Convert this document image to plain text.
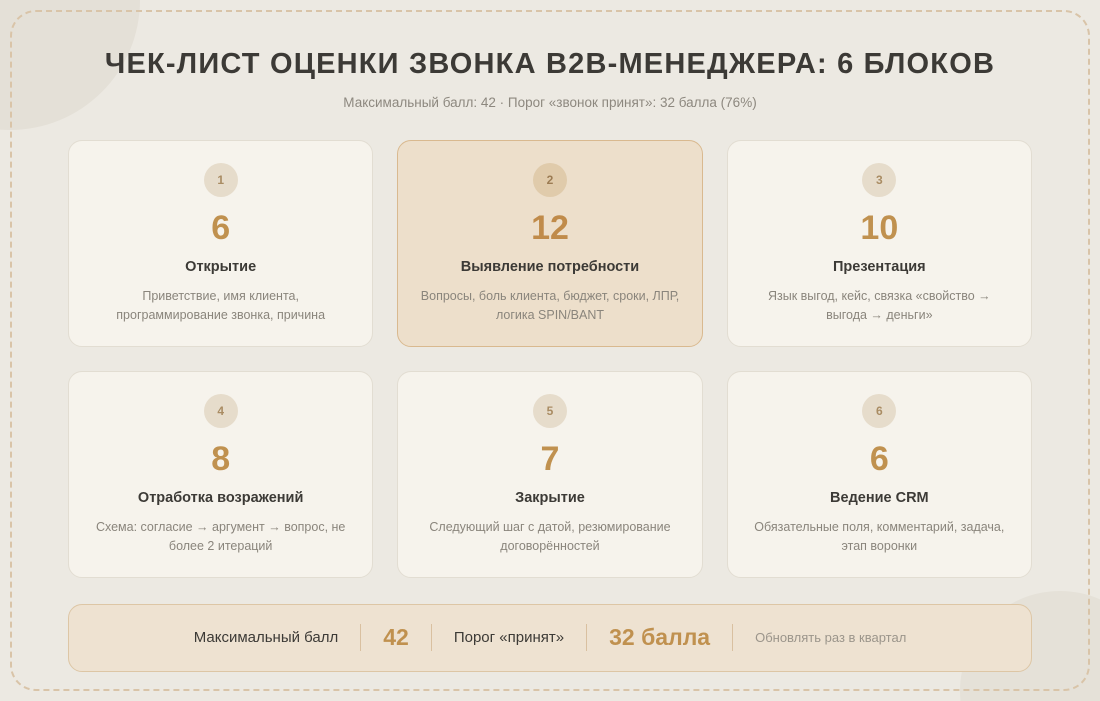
ЧЕК-ЛИСТ ОЦЕНКИ ЗВОНКА B2B-МЕНЕДЖЕРА: 6 БЛОКОВ

Максимальный балл: 42 · Порог «звонок принят»: 32 балла (76%)

1
6
Открытие
Приветствие, имя клиента, программирование звонка, причина
2
12
Выявление потребности
Вопросы, боль клиента, бюджет, сроки, ЛПР, логика SPIN/BANT
3
10
Презентация
Язык выгод, кейс, связка «свойство → выгода → деньги»
4
8
Отработка возражений
Схема: согласие → аргумент → вопрос, не более 2 итераций
5
7
Закрытие
Следующий шаг с датой, резюмирование договорённостей
6
6
Ведение CRM
Обязательные поля, комментарий, задача, этап воронки
Максимальный балл	42	Порог «принят»	32 балла	Обновлять раз в квартал
